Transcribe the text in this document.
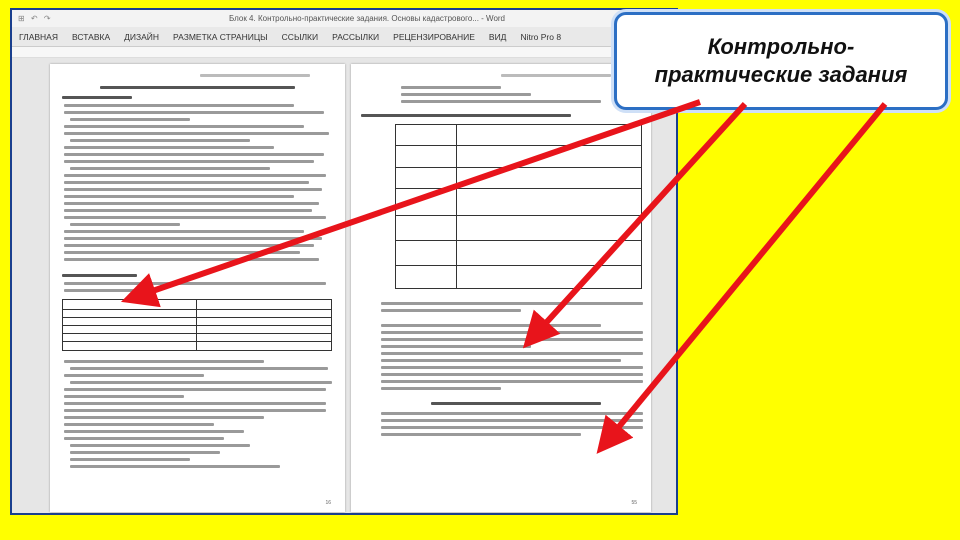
⊞ ↶ ↷	Блок 4. Контрольно-практические задания. Основы кадастрового... - Word
ГЛАВНАЯ	ВСТАВКА	ДИЗАЙН	РАЗМЕТКА СТРАНИЦЫ	ССЫЛКИ	РАССЫЛКИ	РЕЦЕНЗИРОВАНИЕ	ВИД	Nitro Pro 8
16	55
Контрольно-
практические задания
